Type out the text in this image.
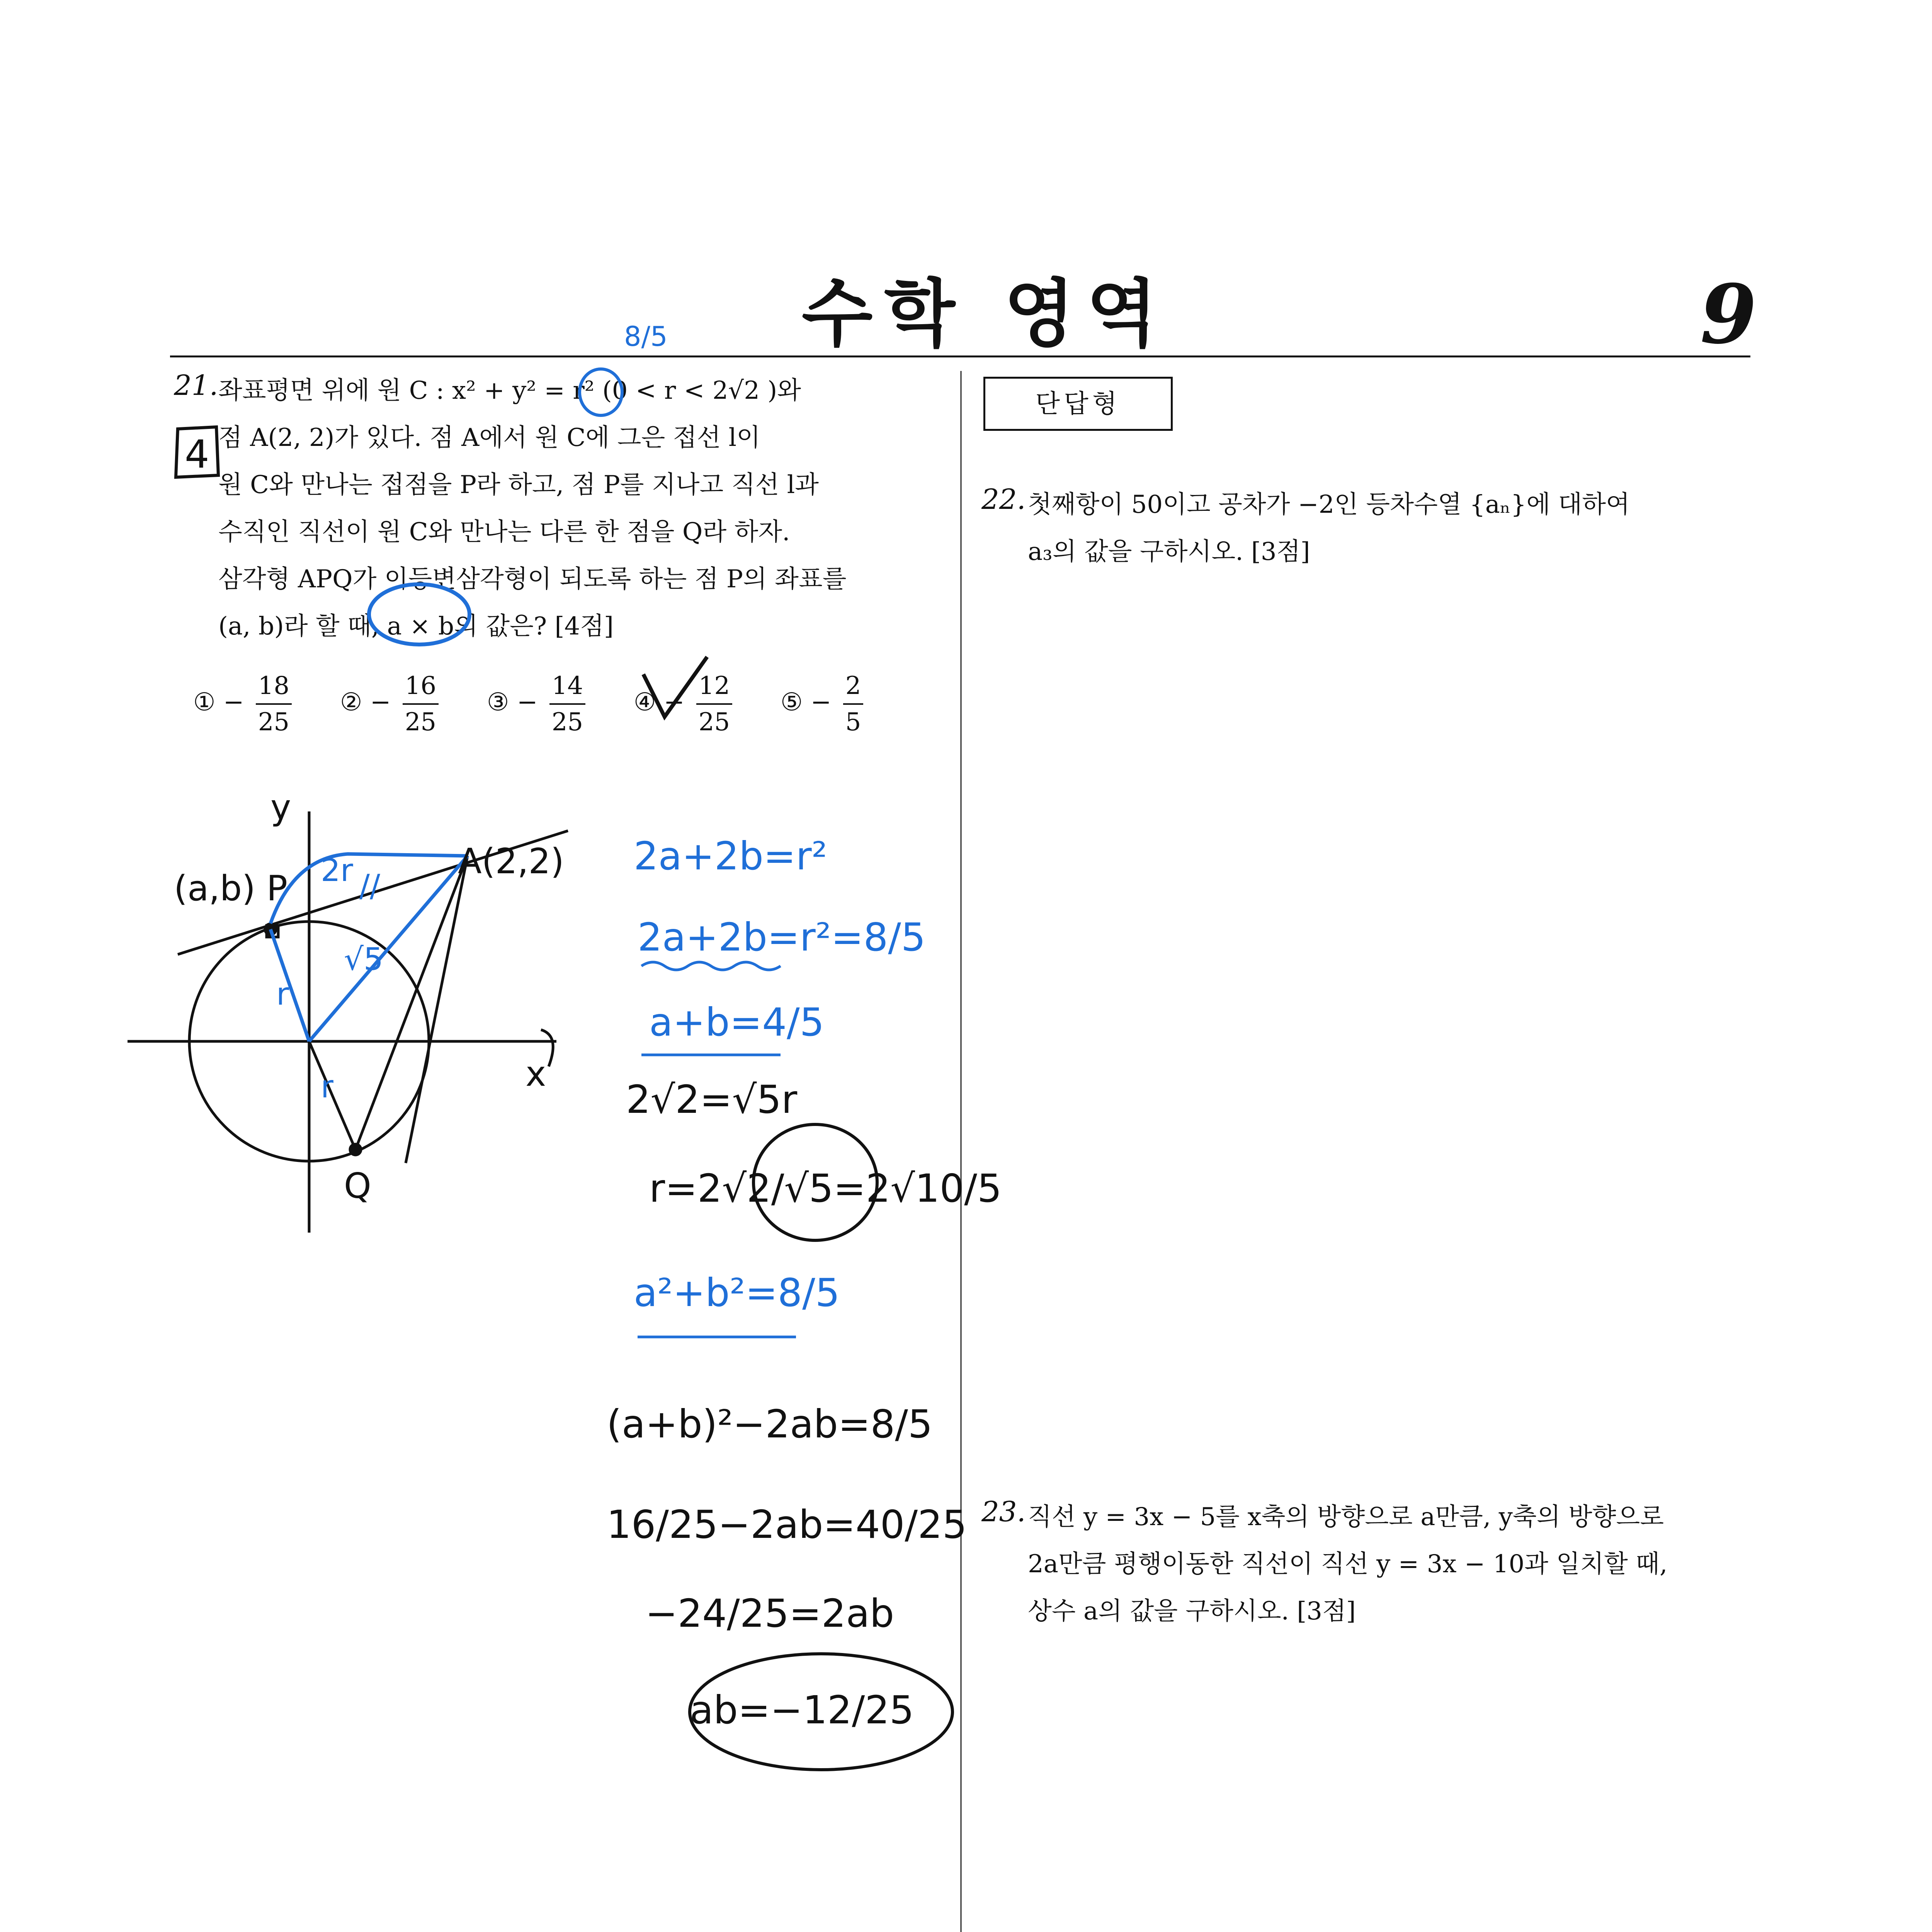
수학 영역	9
21. 좌표평면 위에 원 C : x² + y² = r² (0 < r < 2√2 )와
점 A(2, 2)가 있다. 점 A에서 원 C에 그은 접선 l이
원 C와 만나는 접점을 P라 하고, 점 P를 지나고 직선 l과
수직인 직선이 원 C와 만나는 다른 한 점을 Q라 하자.
삼각형 APQ가 이등변삼각형이 되도록 하는 점 P의 좌표를
(a, b)라 할 때, a × b의 값은? [4점]
① − $\frac{18}{25}$ ② − $\frac{16}{25}$ ③ − $\frac{14}{25}$ ④ − $\frac{12}{25}$ ⑤ − $\frac{2}{5}$
단답형
22. 첫째항이 50이고 공차가 −2인 등차수열 {aₙ}에 대하여
a₃의 값을 구하시오. [3점]
23. 직선 y = 3x − 5를 x축의 방향으로 a만큼, y축의 방향으로
2a만큼 평행이동한 직선이 직선 y = 3x − 10과 일치할 때,
상수 a의 값을 구하시오. [3점]
8/5
4
y
x
(a,b) P
A(2,2)
Q
r
r
2r
√5
//
2a+2b=r²
2a+2b=r²=8/5
a+b=4/5
a²+b²=8/5
2√2=√5r
r=2√2/√5=2√10/5
(a+b)²−2ab=8/5
16/25−2ab=40/25
−24/25=2ab
ab=−12/25
